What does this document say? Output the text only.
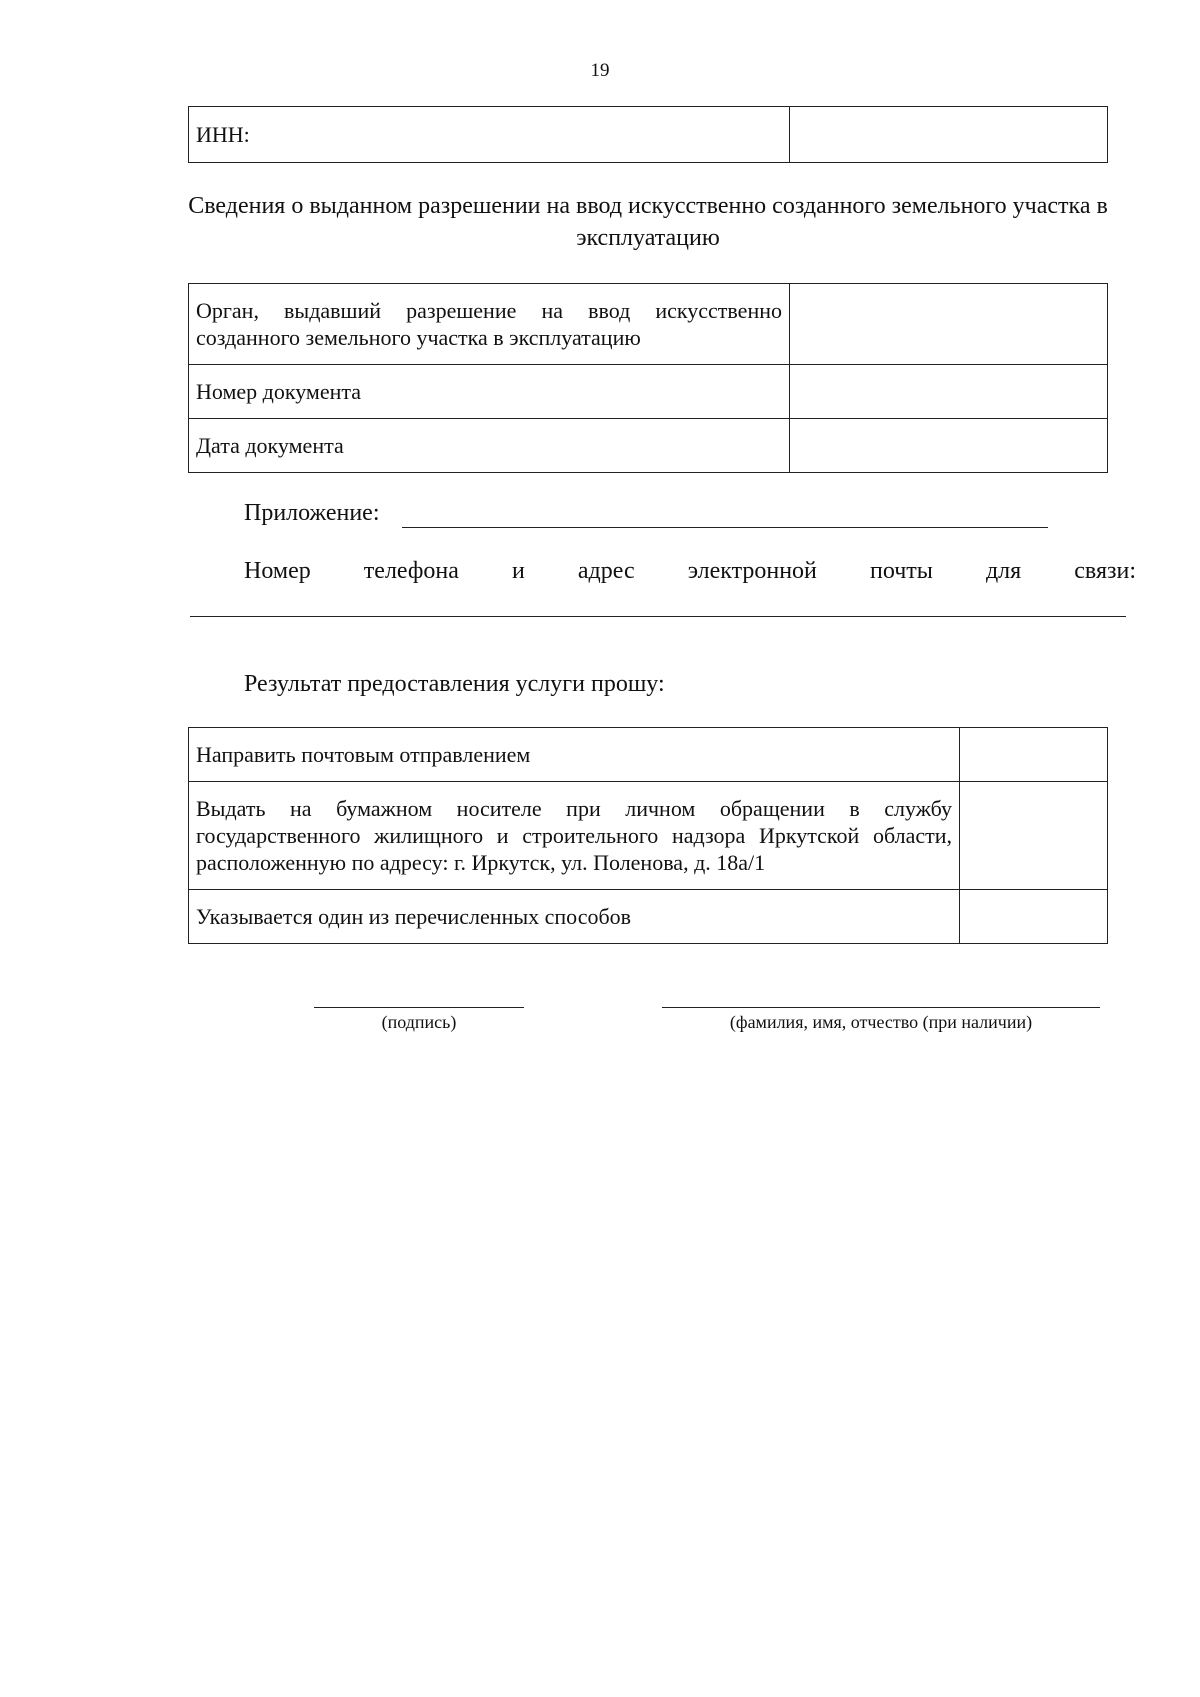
19
ИНН:	
Сведения о выданном разрешении на ввод искусственно созданного земельного участка в эксплуатацию
Орган, выдавший разрешение на ввод искусственно созданного земельного участка в эксплуатацию	
Номер документа	
Дата документа	
Приложение:
Номер телефона и адрес электронной почты для связи:
Результат предоставления услуги прошу:
Направить почтовым отправлением	
Выдать на бумажном носителе при личном обращении в службу государственного жилищного и строительного надзора Иркутской области, расположенную по адресу: г. Иркутск, ул. Поленова, д. 18а/1	
Указывается один из перечисленных способов	
(подпись)	(фамилия, имя, отчество (при наличии)
